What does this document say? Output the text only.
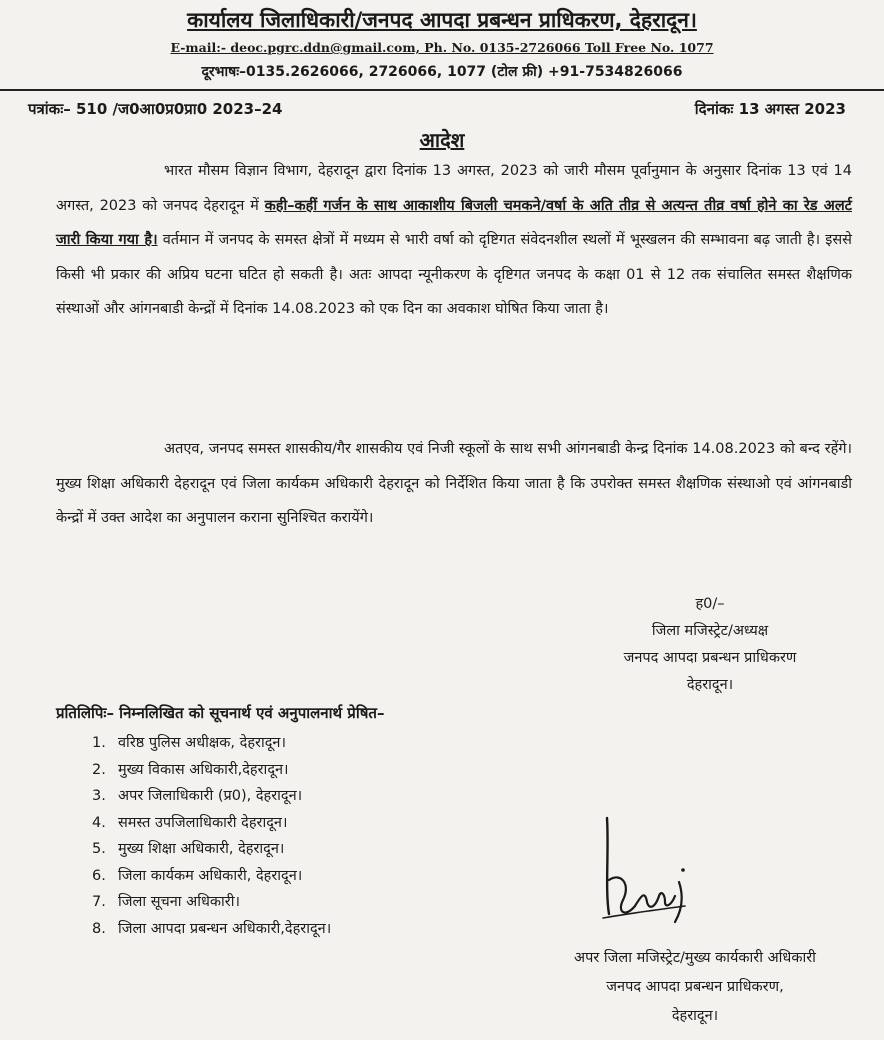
कार्यालय जिलाधिकारी/जनपद आपदा प्रबन्धन प्राधिकरण, देहरादून।
E-mail:- deoc.pgrc.ddn@gmail.com, Ph. No. 0135-2726066 Toll Free No. 1077
दूरभाषः–0135.2626066, 2726066, 1077 (टोल फ्री) +91-7534826066
पत्रांकः– 510 /ज0आ0प्र0प्रा0 2023–24	दिनांकः 13 अगस्त 2023
आदेश
भारत मौसम विज्ञान विभाग, देहरादून द्वारा दिनांक 13 अगस्त, 2023 को जारी मौसम पूर्वानुमान के अनुसार दिनांक 13 एवं 14 अगस्त, 2023 को जनपद देहरादून में कही–कहीं गर्जन के साथ आकाशीय बिजली चमकने/वर्षा के अति तीव्र से अत्यन्त तीव्र वर्षा होने का रेड अलर्ट जारी किया गया है। वर्तमान में जनपद के समस्त क्षेत्रों में मध्यम से भारी वर्षा को दृष्टिगत संवेदनशील स्थलों में भूस्खलन की सम्भावना बढ़ जाती है। इससे किसी भी प्रकार की अप्रिय घटना घटित हो सकती है। अतः आपदा न्यूनीकरण के दृष्टिगत जनपद के कक्षा 01 से 12 तक संचालित समस्त शैक्षणिक संस्थाओं और आंगनबाडी केन्द्रों में दिनांक 14.08.2023 को एक दिन का अवकाश घोषित किया जाता है।
अतएव, जनपद समस्त शासकीय/गैर शासकीय एवं निजी स्कूलों के साथ सभी आंगनबाडी केन्द्र दिनांक 14.08.2023 को बन्द रहेंगे। मुख्य शिक्षा अधिकारी देहरादून एवं जिला कार्यकम अधिकारी देहरादून को निर्देशित किया जाता है कि उपरोक्त समस्त शैक्षणिक संस्थाओ एवं आंगनबाडी केन्द्रों में उक्त आदेश का अनुपालन कराना सुनिश्चित करायेंगे।
ह0/–
जिला मजिस्ट्रेट/अध्यक्ष
जनपद आपदा प्रबन्धन प्राधिकरण
देहरादून।
प्रतिलिपिः– निम्नलिखित को सूचनार्थ एवं अनुपालनार्थ प्रेषित–
1. वरिष्ठ पुलिस अधीक्षक, देहरादून।
2. मुख्य विकास अधिकारी,देहरादून।
3. अपर जिलाधिकारी (प्र0), देहरादून।
4. समस्त उपजिलाधिकारी देहरादून।
5. मुख्य शिक्षा अधिकारी, देहरादून।
6. जिला कार्यकम अधिकारी, देहरादून।
7. जिला सूचना अधिकारी।
8. जिला आपदा प्रबन्धन अधिकारी,देहरादून।
अपर जिला मजिस्ट्रेट/मुख्य कार्यकारी अधिकारी
जनपद आपदा प्रबन्धन प्राधिकरण,
देहरादून।
